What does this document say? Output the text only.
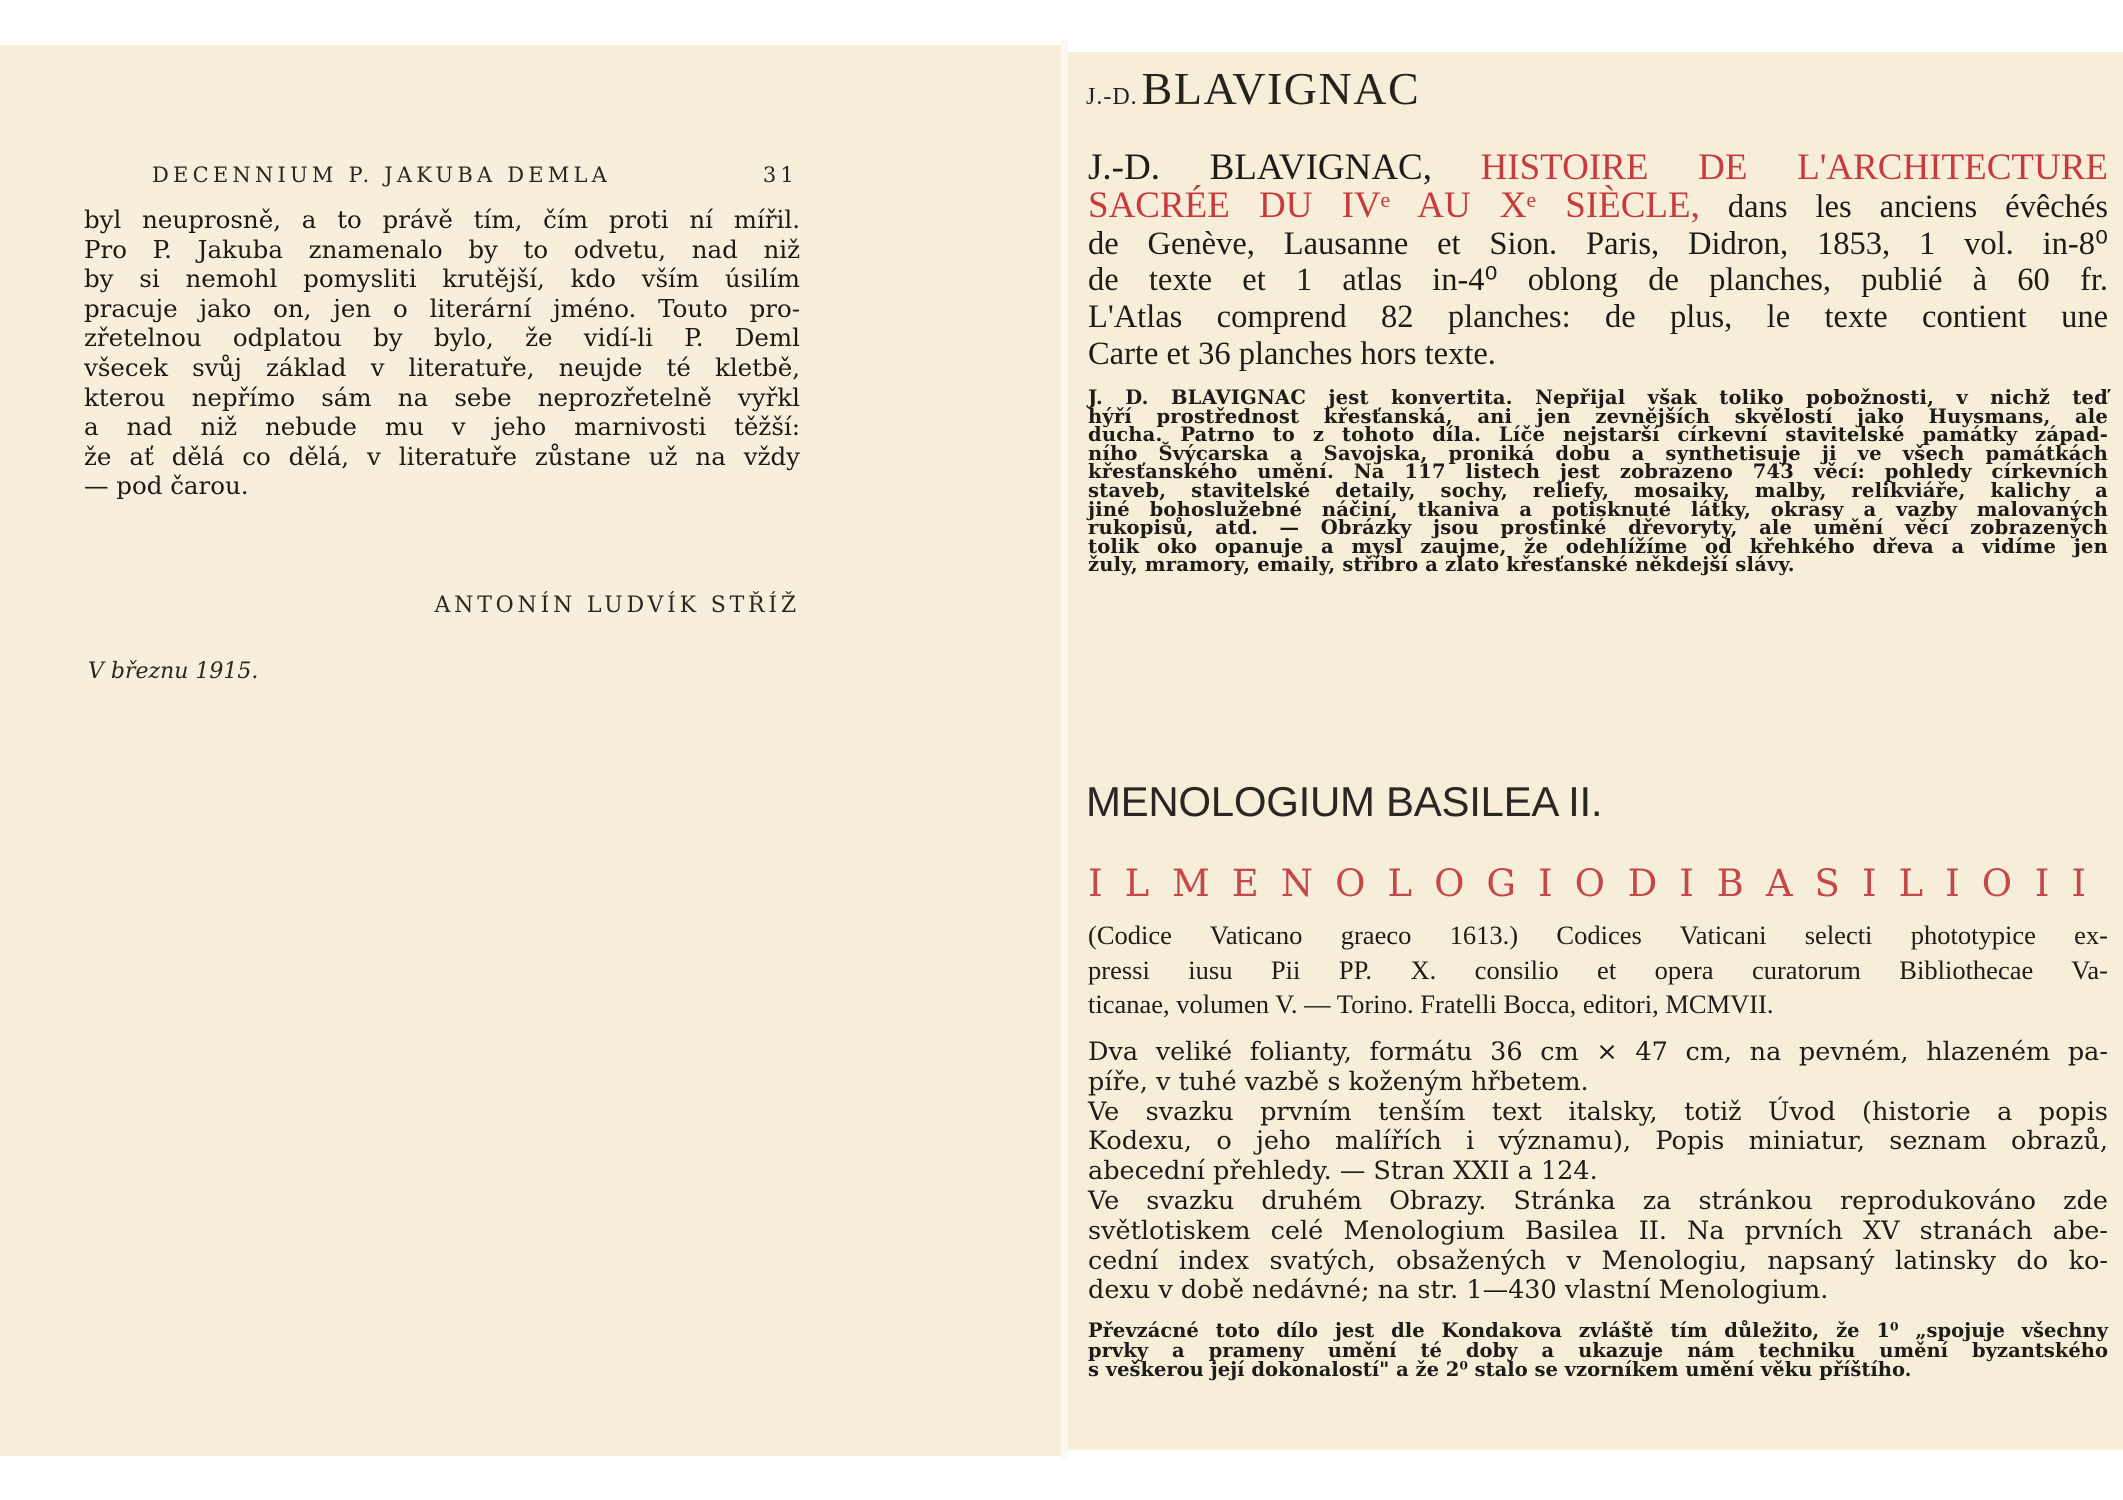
DECENNIUM P. JAKUBA DEMLA	31
byl neuprosně, a to právě tím, čím proti ní mířil.
Pro P. Jakuba znamenalo by to odvetu, nad niž
by si nemohl pomysliti krutější, kdo vším úsilím
pracuje jako on, jen o literární jméno. Touto pro-
zřetelnou odplatou by bylo, že vidí-li P. Deml
všecek svůj základ v literatuře, neujde té kletbě,
kterou nepřímo sám na sebe neprozřetelně vyřkl
a nad niž nebude mu v jeho marnivosti těžší:
že ať dělá co dělá, v literatuře zůstane už na vždy
— pod čarou.
ANTONÍN LUDVÍK STŘÍŽ
V březnu 1915.
J.-D. BLAVIGNAC
J.-D. BLAVIGNAC, HISTOIRE DE L'ARCHITECTURE
SACRÉE DU IVᵉ AU Xᵉ SIÈCLE, dans les anciens évêchés
de Genève, Lausanne et Sion. Paris, Didron, 1853, 1 vol. in-8⁰
de texte et 1 atlas in-4⁰ oblong de planches, publié à 60 fr.
L'Atlas comprend 82 planches: de plus, le texte contient une
Carte et 36 planches hors texte.
J. D. BLAVIGNAC jest konvertita. Nepřijal však toliko pobožnosti, v nichž teď
hýří prostřednost křesťanská, ani jen zevnějších skvělostí jako Huysmans, ale
ducha. Patrno to z tohoto díla. Líče nejstarší církevní stavitelské památky západ-
ního Švýcarska a Savojska, proniká dobu a synthetisuje ji ve všech památkách
křesťanského umění. Na 117 listech jest zobrazeno 743 věcí: pohledy církevních
staveb, stavitelské detaily, sochy, reliefy, mosaiky, malby, relikviáře, kalichy a
jiné bohoslužebné náčiní, tkaniva a potisknuté látky, okrasy a vazby malovaných
rukopisů, atd. — Obrázky jsou prostinké dřevoryty, ale umění věcí zobrazených
tolik oko opanuje a mysl zaujme, že odehlížíme od křehkého dřeva a vidíme jen
žuly, mramory, emaily, stříbro a zlato křesťanské někdejší slávy.
MENOLOGIUM BASILEA II.
IL MENOLOGIO DI BASILIO II
(Codice Vaticano graeco 1613.) Codices Vaticani selecti phototypice ex-
pressi iusu Pii PP. X. consilio et opera curatorum Bibliothecae Va-
ticanae, volumen V. — Torino. Fratelli Bocca, editori, MCMVII.
Dva veliké folianty, formátu 36 cm × 47 cm, na pevném, hlazeném pa-
píře, v tuhé vazbě s koženým hřbetem.
Ve svazku prvním tenším text italsky, totiž Úvod (historie a popis
Kodexu, o jeho malířích i významu), Popis miniatur, seznam obrazů,
abecední přehledy. — Stran XXII a 124.
Ve svazku druhém Obrazy. Stránka za stránkou reprodukováno zde
světlotiskem celé Menologium Basilea II. Na prvních XV stranách abe-
cední index svatých, obsažených v Menologiu, napsaný latinsky do ko-
dexu v době nedávné; na str. 1—430 vlastní Menologium.
Převzácné toto dílo jest dle Kondakova zvláště tím důležito, že 1⁰ „spojuje všechny
prvky a prameny umění té doby a ukazuje nám techniku umění byzantského
s veškerou její dokonalostí" a že 2⁰ stalo se vzorníkem umění věku příštího.
